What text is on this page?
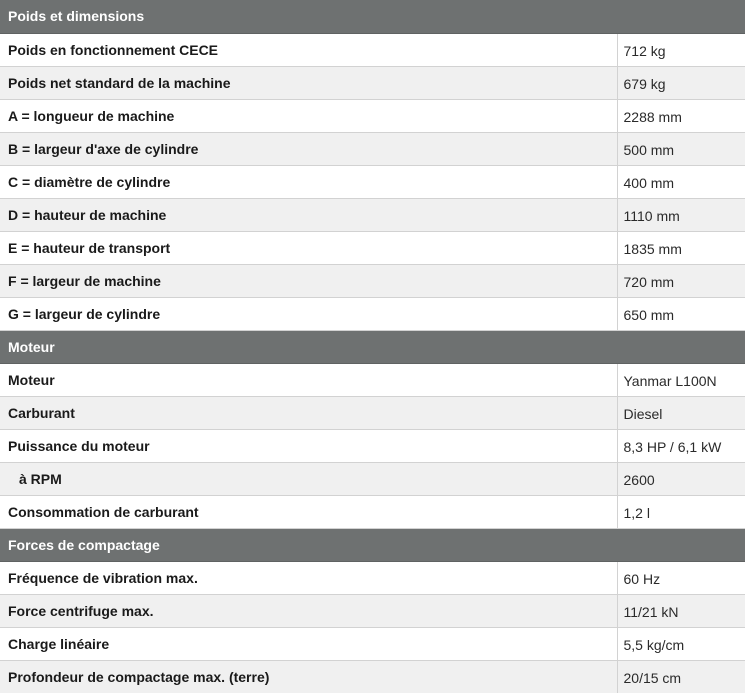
Poids et dimensions	
Poids en fonctionnement CECE	712 kg
Poids net standard de la machine	679 kg
A = longueur de machine	2288 mm
B = largeur d'axe de cylindre	500 mm
C = diamètre de cylindre	400 mm
D = hauteur de machine	1110 mm
E = hauteur de transport	1835 mm
F = largeur de machine	720 mm
G = largeur de cylindre	650 mm
Moteur	
Moteur	Yanmar L100N
Carburant	Diesel
Puissance du moteur	8,3 HP / 6,1 kW
à RPM	2600
Consommation de carburant	1,2 l
Forces de compactage	
Fréquence de vibration max.	60 Hz
Force centrifuge max.	11/21 kN
Charge linéaire	5,5 kg/cm
Profondeur de compactage max. (terre)	20/15 cm
